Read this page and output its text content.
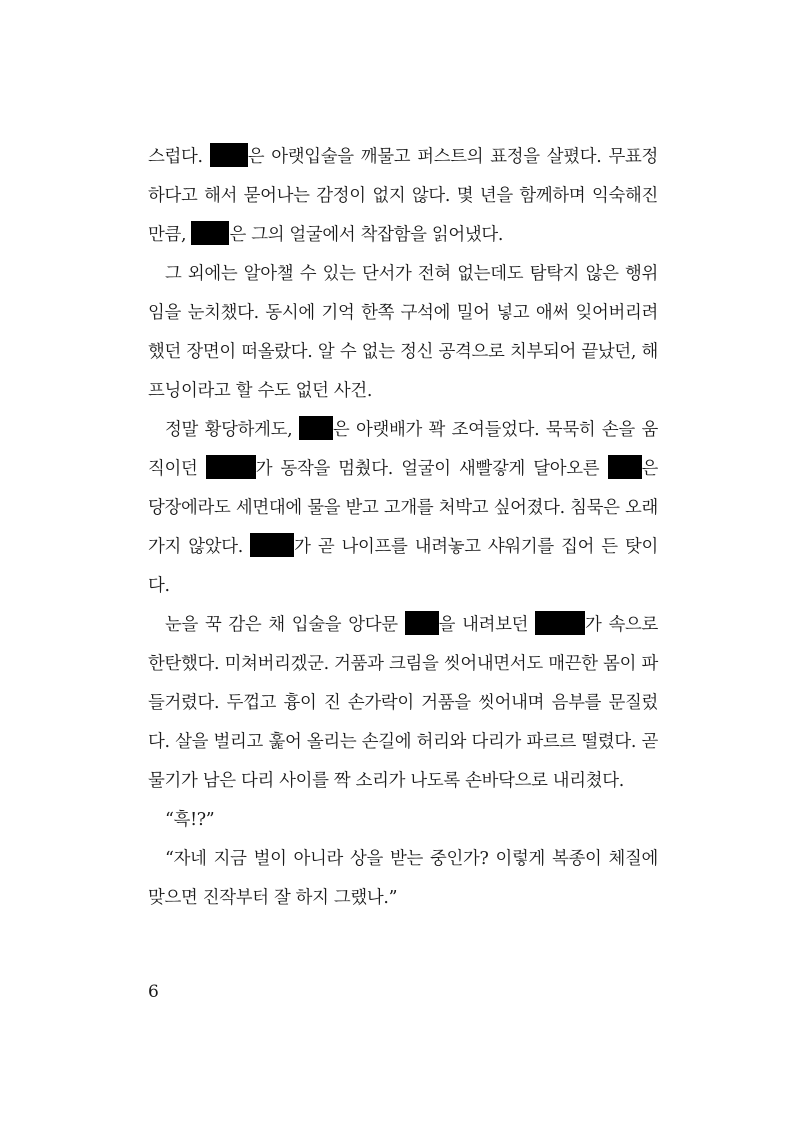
스럽다. 은 아랫입술을 깨물고 퍼스트의 표정을 살폈다. 무표정하다고 해서 묻어나는 감정이 없지 않다. 몇 년을 함께하며 익숙해진 만큼, 은 그의 얼굴에서 착잡함을 읽어냈다.

그 외에는 알아챌 수 있는 단서가 전혀 없는데도 탐탁지 않은 행위임을 눈치챘다. 동시에 기억 한쪽 구석에 밀어 넣고 애써 잊어버리려 했던 장면이 떠올랐다. 알 수 없는 정신 공격으로 치부되어 끝났던, 해프닝이라고 할 수도 없던 사건.

정말 황당하게도, 은 아랫배가 꽉 조여들었다. 묵묵히 손을 움직이던	가 동작을 멈췄다. 얼굴이 새빨갛게 달아오른 은 당장에라도 세면대에 물을 받고 고개를 처박고 싶어졌다. 침묵은 오래가지 않았다.	가 곧 나이프를 내려놓고 샤워기를 집어 든 탓이다.

눈을 꾹 감은 채 입술을 앙다문 을 내려보던	가 속으로 한탄했다. 미쳐버리겠군. 거품과 크림을 씻어내면서도 매끈한 몸이 파들거렸다. 두껍고 흉이 진 손가락이 거품을 씻어내며 음부를 문질렀다. 살을 벌리고 훑어 올리는 손길에 허리와 다리가 파르르 떨렸다. 곧 물기가 남은 다리 사이를 짝 소리가 나도록 손바닥으로 내리쳤다.

“흑!?”

“자네 지금 벌이 아니라 상을 받는 중인가? 이렇게 복종이 체질에 맞으면 진작부터 잘 하지 그랬나.”

6
